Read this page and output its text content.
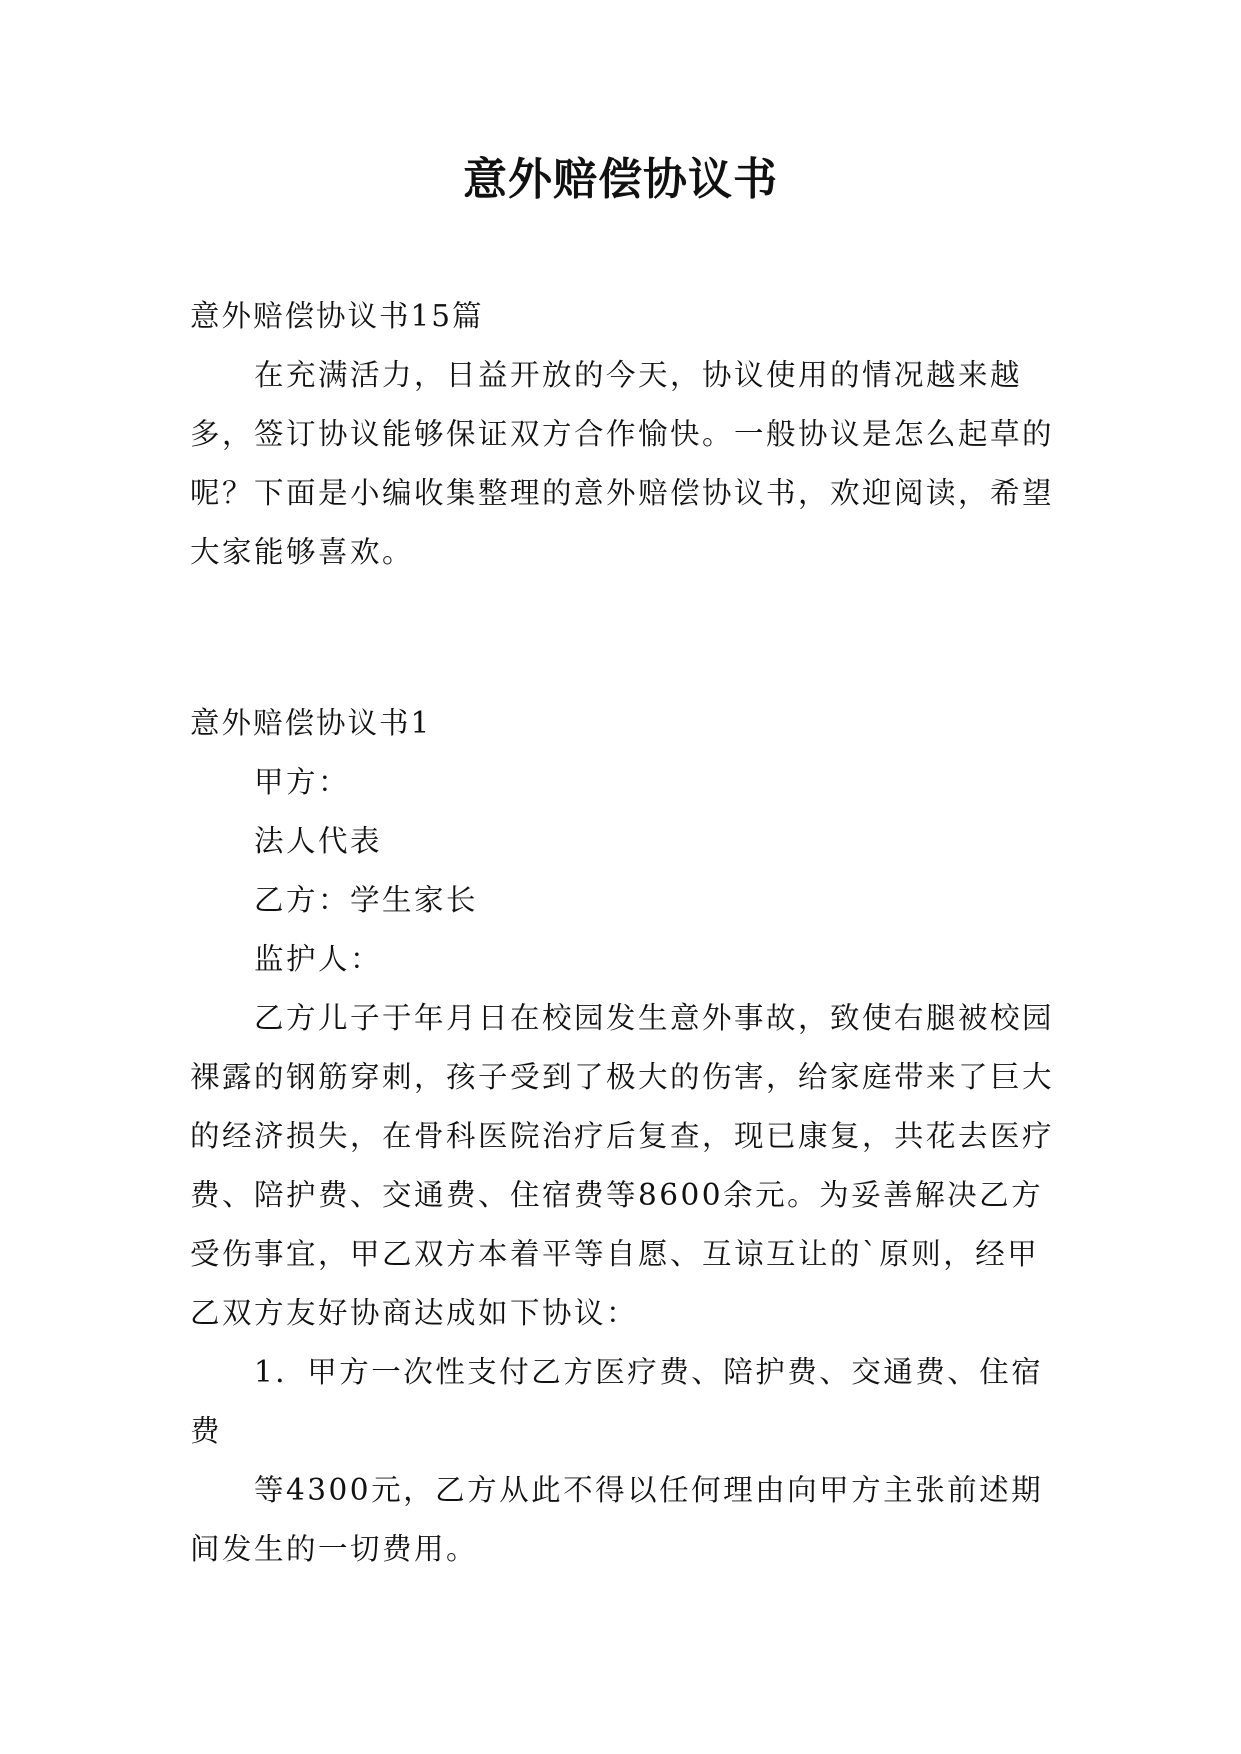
意外赔偿协议书

意外赔偿协议书15篇

在充满活力，日益开放的今天，协议使用的情况越来越多，签订协议能够保证双方合作愉快。一般协议是怎么起草的呢？下面是小编收集整理的意外赔偿协议书，欢迎阅读，希望大家能够喜欢。

意外赔偿协议书1

甲方：

法人代表

乙方：学生家长

监护人：

乙方儿子于年月日在校园发生意外事故，致使右腿被校园裸露的钢筋穿刺，孩子受到了极大的伤害，给家庭带来了巨大的经济损失，在骨科医院治疗后复查，现已康复，共花去医疗费、陪护费、交通费、住宿费等8600余元。为妥善解决乙方受伤事宜，甲乙双方本着平等自愿、互谅互让的`原则，经甲乙双方友好协商达成如下协议：

1．甲方一次性支付乙方医疗费、陪护费、交通费、住宿费

等4300元，乙方从此不得以任何理由向甲方主张前述期间发生的一切费用。
